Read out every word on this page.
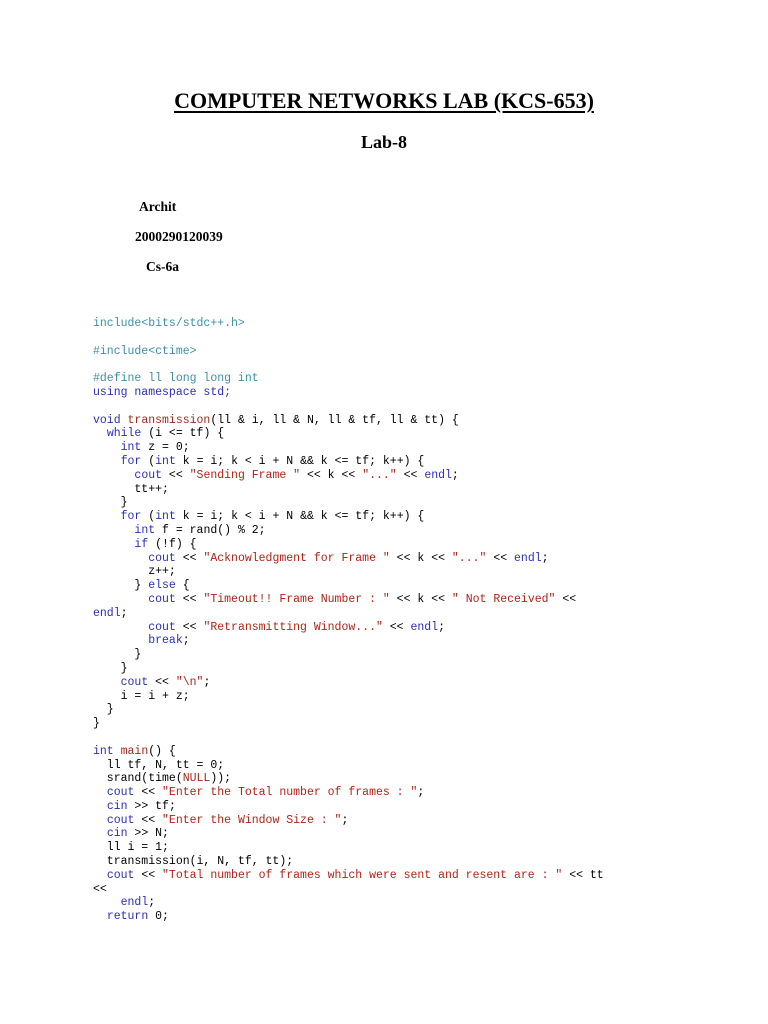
COMPUTER NETWORKS LAB (KCS-653)
Lab-8
Archit
2000290120039
Cs-6a
include<bits/stdc++.h>

#include<ctime>

#define ll long long int
using namespace std;

void transmission(ll & i, ll & N, ll & tf, ll & tt) {
while (i <= tf) {
int z = 0;
for (int k = i; k < i + N && k <= tf; k++) {
cout << "Sending Frame " << k << "..." << endl;
tt++;
}
for (int k = i; k < i + N && k <= tf; k++) {
int f = rand() % 2;
if (!f) {
cout << "Acknowledgment for Frame " << k << "..." << endl;
z++;
} else {
cout << "Timeout!! Frame Number : " << k << " Not Received" <<
endl;
cout << "Retransmitting Window..." << endl;
break;
}
}
cout << "\n";
i = i + z;
}
}

int main() {
ll tf, N, tt = 0;
srand(time(NULL));
cout << "Enter the Total number of frames : ";
cin >> tf;
cout << "Enter the Window Size : ";
cin >> N;
ll i = 1;
transmission(i, N, tf, tt);
cout << "Total number of frames which were sent and resent are : " << tt
<<
endl;
return 0;
